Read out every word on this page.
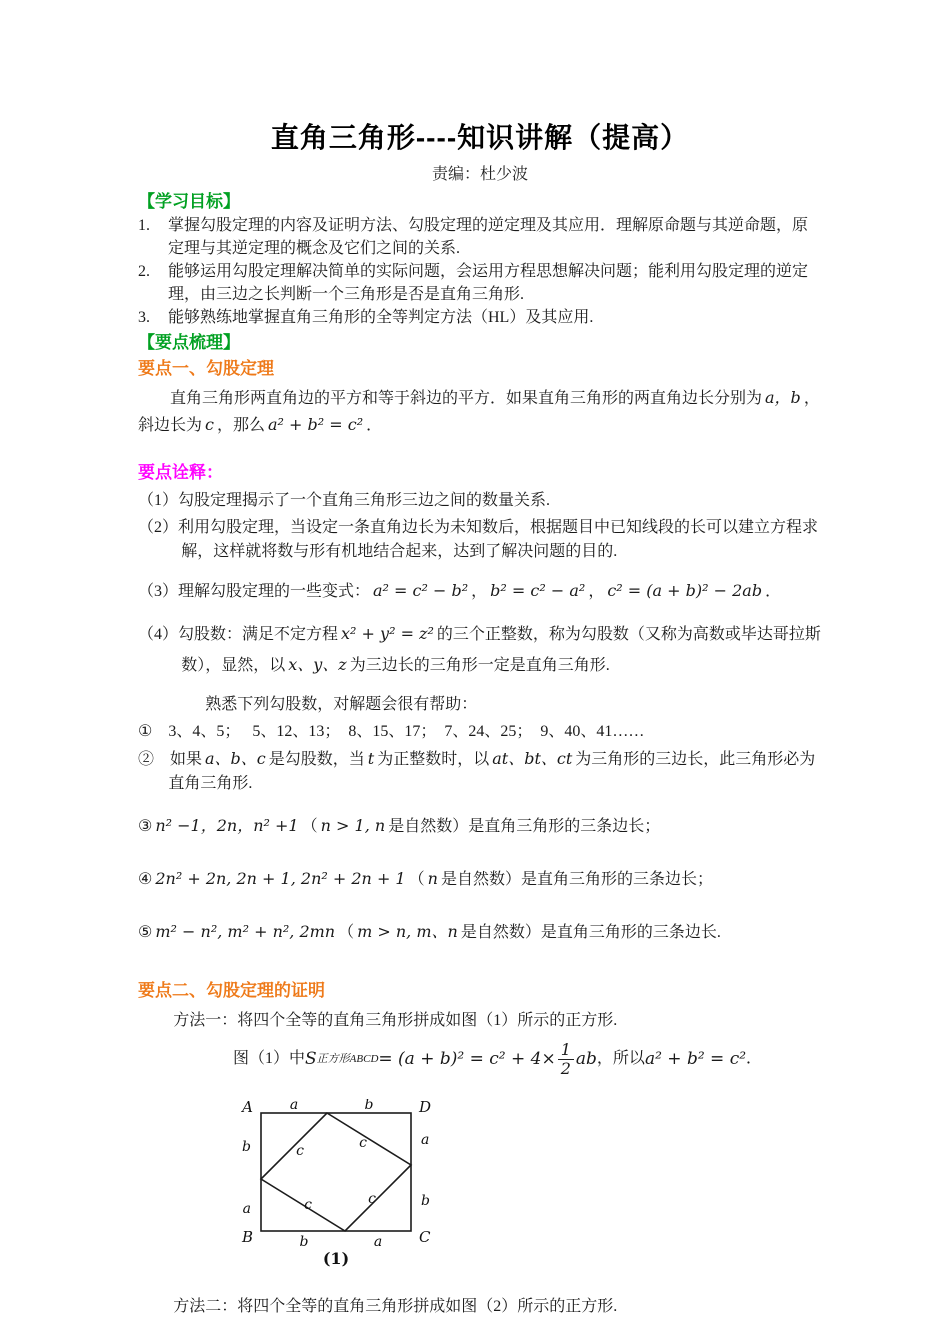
直角三角形----知识讲解（提高）
责编：杜少波
【学习目标】

1. 掌握勾股定理的内容及证明方法、勾股定理的逆定理及其应用．理解原命题与其逆命题，原定理与其逆定理的概念及它们之间的关系.

2. 能够运用勾股定理解决简单的实际问题，会运用方程思想解决问题；能利用勾股定理的逆定理，由三边之长判断一个三角形是否是直角三角形.

3. 能够熟练地掌握直角三角形的全等判定方法（HL）及其应用.

【要点梳理】
要点一、勾股定理

直角三角形两直角边的平方和等于斜边的平方．如果直角三角形的两直角边长分别为 a，b ，斜边长为 c ，那么 a² + b² = c² ．

要点诠释：

（1）勾股定理揭示了一个直角三角形三边之间的数量关系.

（2）利用勾股定理，当设定一条直角边长为未知数后，根据题目中已知线段的长可以建立方程求解，这样就将数与形有机地结合起来，达到了解决问题的目的.

（3）理解勾股定理的一些变式： a² = c² − b² ， b² = c² − a² ， c² = (a + b)² − 2ab ．

（4）勾股数：满足不定方程 x² + y² = z² 的三个正整数，称为勾股数（又称为高数或毕达哥拉斯数），显然，以 x、y、z 为三边长的三角形一定是直角三角形.

熟悉下列勾股数，对解题会很有帮助：

①　3、4、5；　 5、12、13；　8、15、17；　7、24、25；　9、40、41……

②　如果 a、b、c 是勾股数，当 t 为正整数时，以 at、bt、ct 为三角形的三边长，此三角形必为直角三角形.

③ n² −1，2n，n² +1 （ n > 1, n 是自然数）是直角三角形的三条边长；

④ 2n² + 2n, 2n + 1, 2n² + 2n + 1 （ n 是自然数）是直角三角形的三条边长；

⑤ m² − n², m² + n², 2mn （ m > n, m、n 是自然数）是直角三角形的三条边长.

要点二、勾股定理的证明

方法一：将四个全等的直角三角形拼成如图（1）所示的正方形.

图（1）中 S 正方形ABCD = $(a + b)^2 = c^2 + 4\times \frac{1}{2}$ ab ，所以 a² + b² = c² ．
A	D
B	C
a	b
b
a
a
b
b	a
c	c
c
c
(1)

方法二：将四个全等的直角三角形拼成如图（2）所示的正方形.
